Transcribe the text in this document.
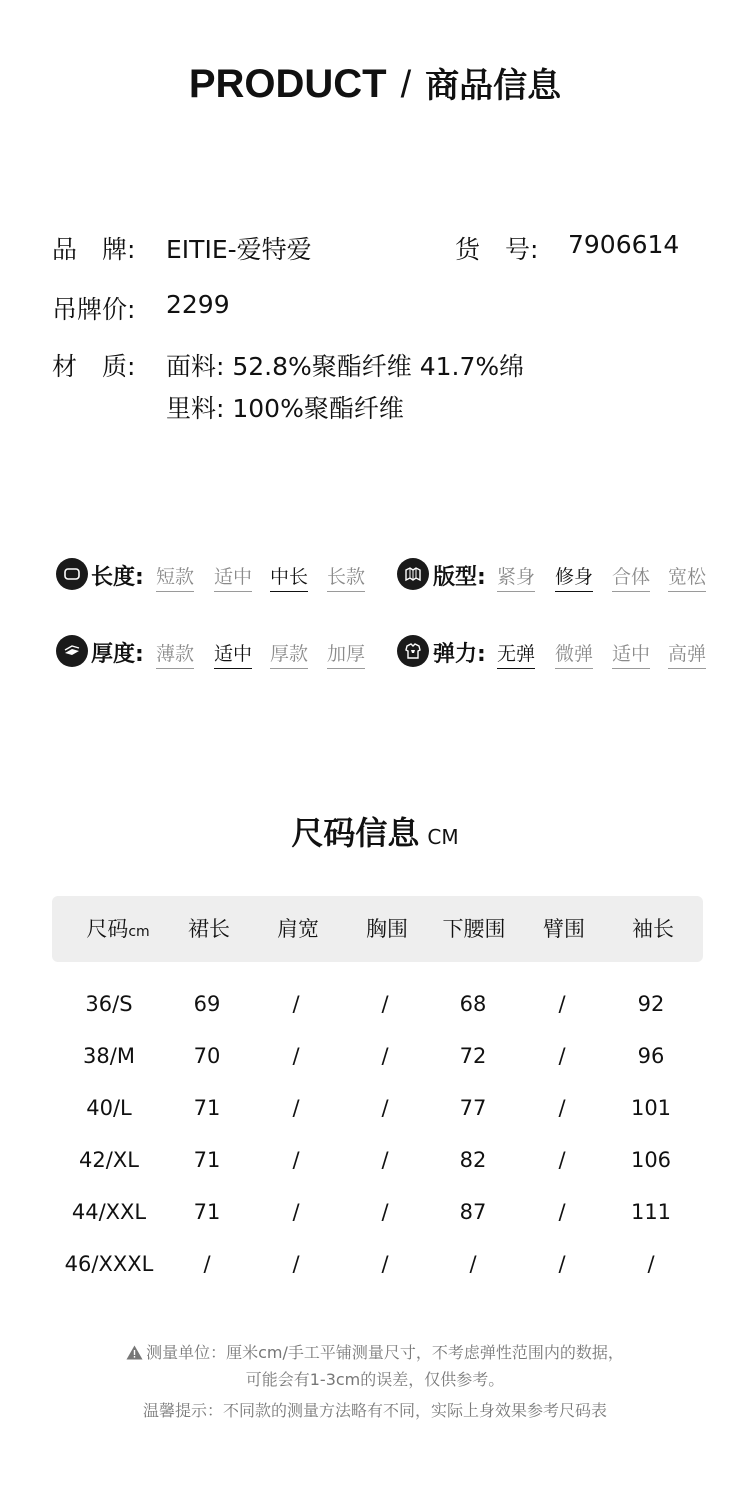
PRODUCT / 商品信息
品　牌: EITIE-爱特爱	货　号: 7906614
吊牌价: 2299
材　质: 面料: 52.8%聚酯纤维 41.7%绵
里料: 100%聚酯纤维
长度: 短款 适中 中长 长款	版型: 紧身 修身 合体 宽松
厚度: 薄款 适中 厚款 加厚	弹力: 无弹 微弹 适中 高弹
尺码信息 CM
尺码cm	裙长	肩宽	胸围	下腰围	臂围	袖长
36/S	69	/	/	68	/	92
38/M	70	/	/	72	/	96
40/L	71	/	/	77	/	101
42/XL	71	/	/	82	/	106
44/XXL	71	/	/	87	/	111
46/XXXL	/	/	/	/	/	/
测量单位：厘米cm/手工平铺测量尺寸，不考虑弹性范围内的数据，
可能会有1-3cm的误差，仅供参考。
温馨提示：不同款的测量方法略有不同，实际上身效果参考尺码表
